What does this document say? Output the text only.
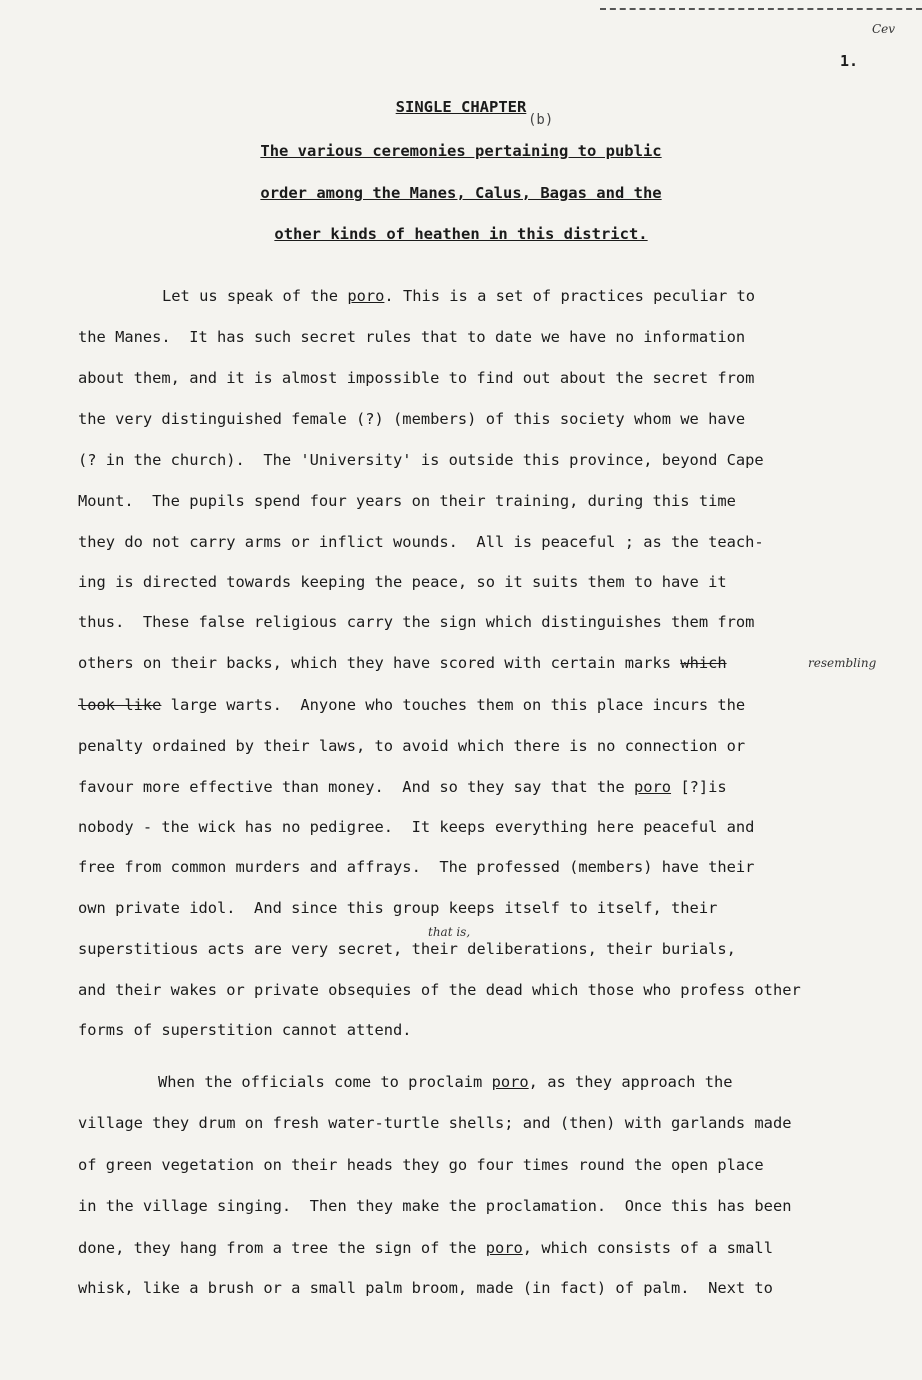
Cev
1.
SINGLE CHAPTER
(b)
The various ceremonies pertaining to public
order among the Manes, Calus, Bagas and the
other kinds of heathen in this district.
Let us speak of the poro. This is a set of practices peculiar to
the Manes.  It has such secret rules that to date we have no information
about them, and it is almost impossible to find out about the secret from
the very distinguished female (?) (members) of this society whom we have
(? in the church).  The 'University' is outside this province, beyond Cape
Mount.  The pupils spend four years on their training, during this time
they do not carry arms or inflict wounds.  All is peaceful ; as the teach-
ing is directed towards keeping the peace, so it suits them to have it
thus.  These false religious carry the sign which distinguishes them from
others on their backs, which they have scored with certain marks which	resembling
look like large warts.  Anyone who touches them on this place incurs the
penalty ordained by their laws, to avoid which there is no connection or
favour more effective than money.  And so they say that the poro [?]is
nobody - the wick has no pedigree.  It keeps everything here peaceful and
free from common murders and affrays.  The professed (members) have their
own private idol.  And since this group keeps itself to itself, their
that is,
superstitious acts are very secret, their deliberations, their burials,
and their wakes or private obsequies of the dead which those who profess other
forms of superstition cannot attend.
When the officials come to proclaim poro, as they approach the
village they drum on fresh water-turtle shells; and (then) with garlands made
of green vegetation on their heads they go four times round the open place
in the village singing.  Then they make the proclamation.  Once this has been
done, they hang from a tree the sign of the poro, which consists of a small
whisk, like a brush or a small palm broom, made (in fact) of palm.  Next to
